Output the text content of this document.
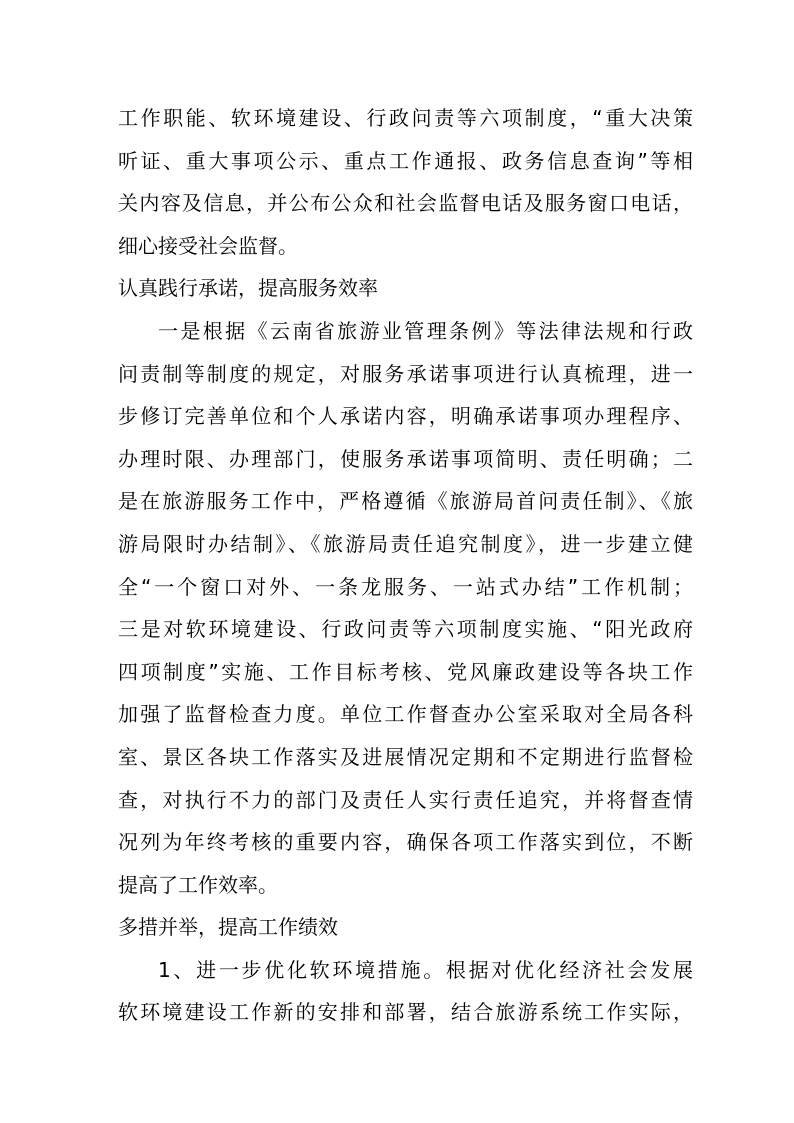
工作职能、软环境建设、行政问责等六项制度，“重大决策
听证、重大事项公示、重点工作通报、政务信息查询”等相
关内容及信息，并公布公众和社会监督电话及服务窗口电话，
细心接受社会监督。
认真践行承诺，提高服务效率
一是根据《云南省旅游业管理条例》等法律法规和行政
问责制等制度的规定，对服务承诺事项进行认真梳理，进一
步修订完善单位和个人承诺内容，明确承诺事项办理程序、
办理时限、办理部门，使服务承诺事项简明、责任明确；二
是在旅游服务工作中，严格遵循《旅游局首问责任制》、《旅
游局限时办结制》、《旅游局责任追究制度》，进一步建立健
全“一个窗口对外、一条龙服务、一站式办结”工作机制；
三是对软环境建设、行政问责等六项制度实施、“阳光政府
四项制度”实施、工作目标考核、党风廉政建设等各块工作
加强了监督检查力度。单位工作督查办公室采取对全局各科
室、景区各块工作落实及进展情况定期和不定期进行监督检
查，对执行不力的部门及责任人实行责任追究，并将督查情
况列为年终考核的重要内容，确保各项工作落实到位，不断
提高了工作效率。
多措并举，提高工作绩效
1、进一步优化软环境措施。根据对优化经济社会发展
软环境建设工作新的安排和部署，结合旅游系统工作实际，
